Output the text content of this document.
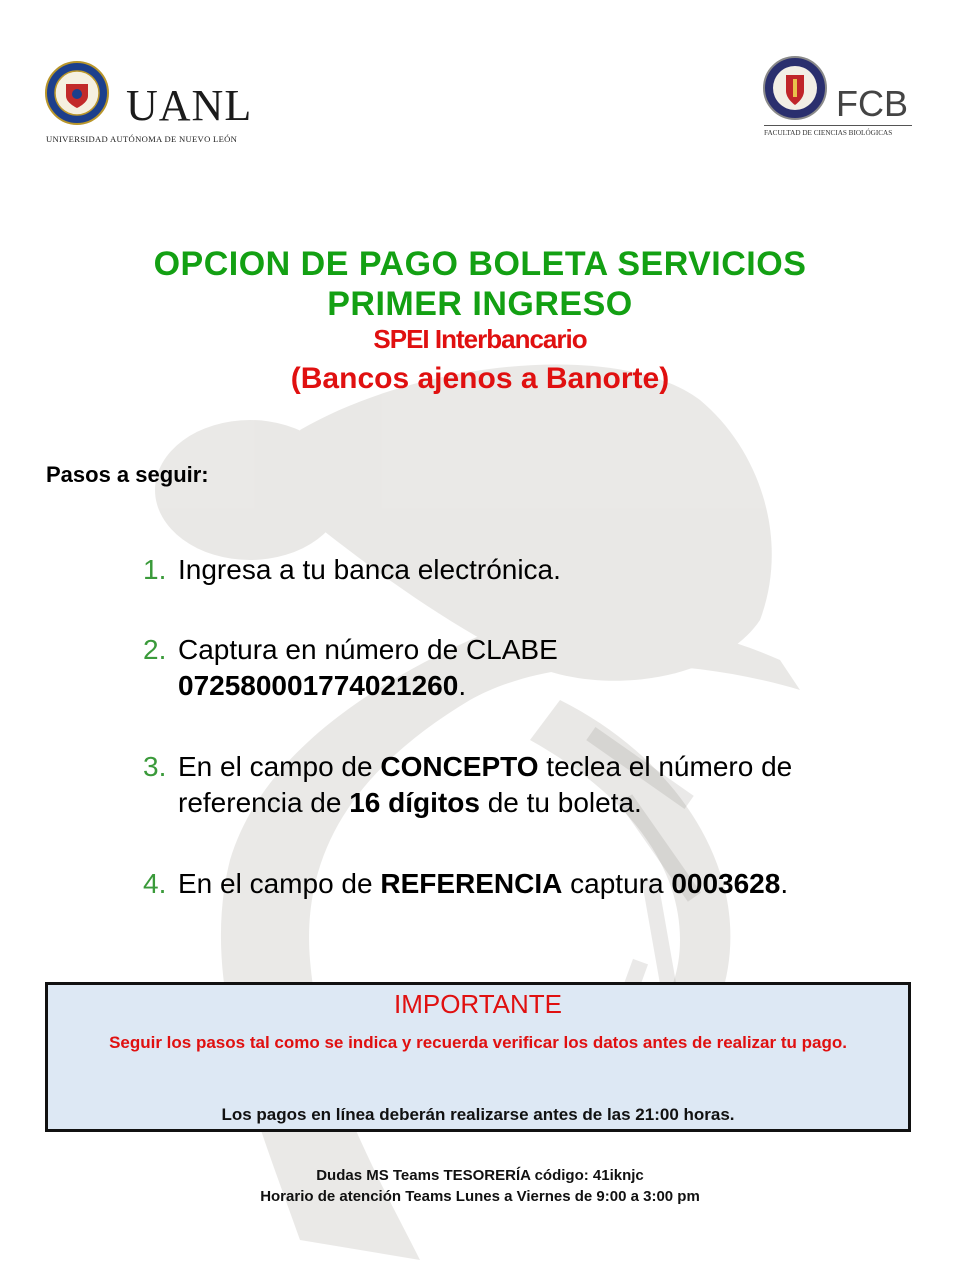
UANL
UNIVERSIDAD AUTÓNOMA DE NUEVO LEÓN
FCB
FACULTAD DE CIENCIAS BIOLÓGICAS
OPCION DE PAGO BOLETA SERVICIOS
PRIMER INGRESO
SPEI Interbancario
(Bancos ajenos a Banorte)
Pasos a seguir:
1. Ingresa a tu banca electrónica.
2. Captura en número de CLABE
072580001774021260.
3. En el campo de CONCEPTO teclea el número de referencia de 16 dígitos de tu boleta.
4. En el campo de REFERENCIA captura 0003628.
IMPORTANTE
Seguir los pasos tal como se indica y recuerda verificar los datos antes de realizar tu pago.
Los pagos en línea deberán realizarse antes de las 21:00 horas.
Dudas MS Teams TESORERÍA código: 41iknjc
Horario de atención Teams Lunes a Viernes de 9:00 a 3:00 pm
